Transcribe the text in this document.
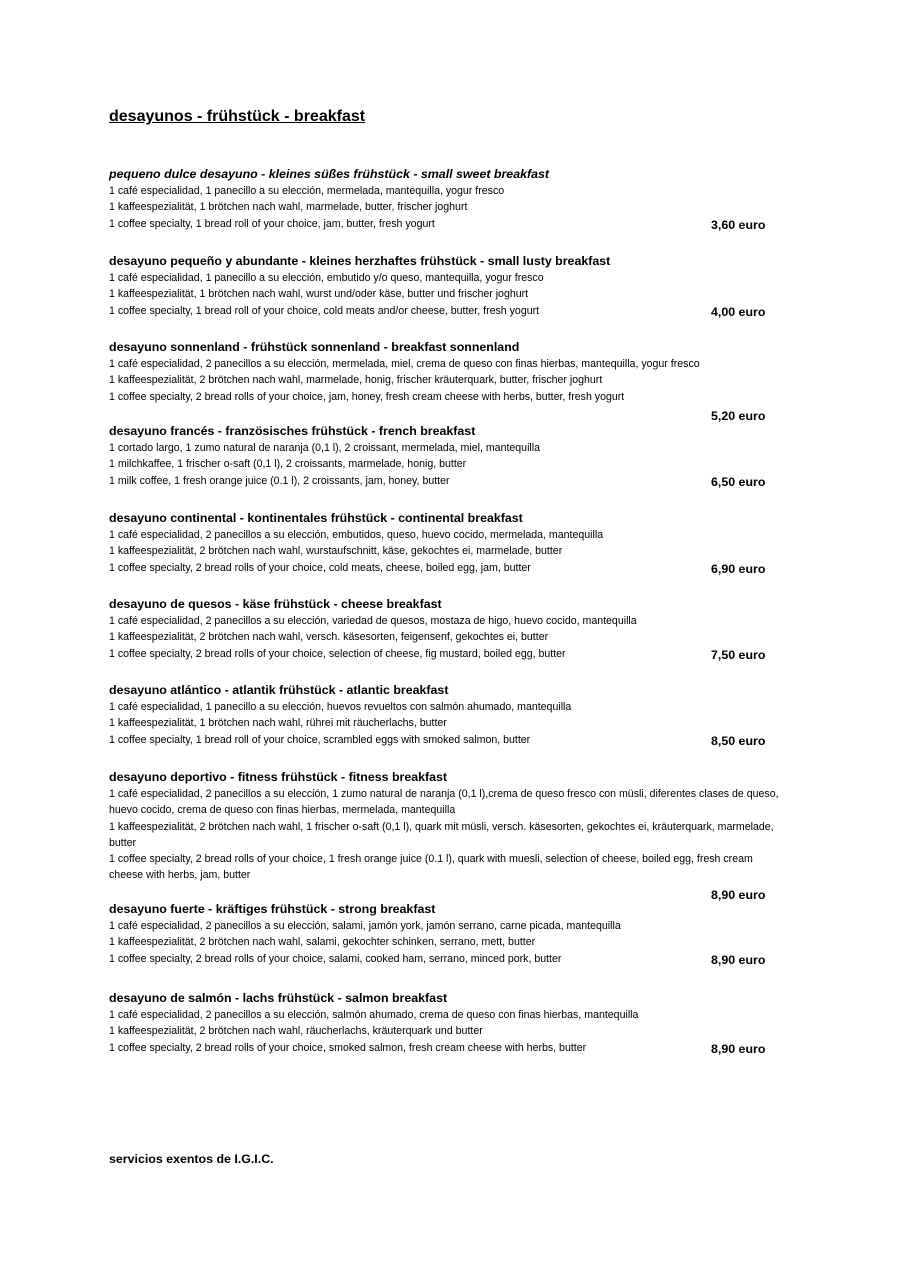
desayunos - frühstück - breakfast
pequeno dulce desayuno - kleines süßes frühstück - small sweet breakfast
1 café especialidad, 1 panecillo a su elección, mermelada, mantequilla, yogur fresco
1 kaffeespezialität, 1 brötchen nach wahl, marmelade, butter, frischer joghurt
1 coffee specialty, 1 bread roll of your choice, jam, butter, fresh yogurt	3,60 euro
desayuno pequeño y abundante - kleines herzhaftes frühstück - small lusty breakfast
1 café especialidad, 1 panecillo a su elección, embutido y/o queso, mantequilla, yogur fresco
1 kaffeespezialität, 1 brötchen nach wahl, wurst und/oder käse, butter und frischer joghurt
1 coffee specialty, 1 bread roll of your choice, cold meats and/or cheese, butter, fresh yogurt	4,00 euro
desayuno sonnenland - frühstück sonnenland - breakfast sonnenland
1 café especialidad, 2 panecillos a su elección, mermelada, miel, crema de queso con finas hierbas, mantequilla, yogur fresco
1 kaffeespezialität, 2 brötchen nach wahl, marmelade, honig, frischer kräuterquark, butter, frischer joghurt
1 coffee specialty, 2 bread rolls of your choice, jam, honey, fresh cream cheese with herbs, butter, fresh yogurt
5,20 euro
desayuno francés - französisches frühstück - french breakfast
1 cortado largo, 1 zumo natural de naranja (0,1 l), 2 croissant, mermelada, miel, mantequilla
1 milchkaffee, 1 frischer o-saft (0,1 l), 2 croissants, marmelade, honig, butter
1 milk coffee, 1 fresh orange juice (0.1 l), 2 croissants, jam, honey, butter	6,50 euro
desayuno continental - kontinentales frühstück - continental breakfast
1 café especialidad, 2 panecillos a su elección, embutidos, queso, huevo cocido, mermelada, mantequilla
1 kaffeespezialität, 2 brötchen nach wahl, wurstaufschnitt, käse, gekochtes ei, marmelade, butter
1 coffee specialty, 2 bread rolls of your choice, cold meats, cheese, boiled egg, jam, butter	6,90 euro
desayuno de quesos - käse frühstück - cheese breakfast
1 café especialidad, 2 panecillos a su elección, variedad de quesos, mostaza de higo, huevo cocido, mantequilla
1 kaffeespezialität, 2 brötchen nach wahl, versch. käsesorten, feigensenf, gekochtes ei, butter
1 coffee specialty, 2 bread rolls of your choice, selection of cheese, fig mustard, boiled egg, butter	7,50 euro
desayuno atlántico - atlantik frühstück - atlantic breakfast
1 café especialidad, 1 panecillo a su elección, huevos revueltos con salmón ahumado, mantequilla
1 kaffeespezialität, 1 brötchen nach wahl, rührei mit räucherlachs, butter
1 coffee specialty, 1 bread roll of your choice, scrambled eggs with smoked salmon, butter	8,50 euro
desayuno deportivo - fitness frühstück - fitness breakfast
1 café especialidad, 2 panecillos a su elección, 1 zumo natural de naranja (0,1 l),crema de queso fresco con müsli, diferentes clases de queso, huevo cocido, crema de queso con finas hierbas, mermelada, mantequilla
1 kaffeespezialität, 2 brötchen nach wahl, 1 frischer o-saft (0,1 l), quark mit müsli, versch. käsesorten, gekochtes ei, kräuterquark, marmelade, butter
1 coffee specialty, 2 bread rolls of your choice, 1 fresh orange juice (0.1 l), quark with muesli, selection of cheese, boiled egg, fresh cream cheese with herbs, jam, butter
8,90 euro
desayuno fuerte - kräftiges frühstück - strong breakfast
1 café especialidad, 2 panecillos a su elección, salami, jamón york, jamón serrano, carne picada, mantequilla
1 kaffeespezialität, 2 brötchen nach wahl, salami, gekochter schinken, serrano, mett, butter
1 coffee specialty, 2 bread rolls of your choice, salami, cooked ham, serrano, minced pork, butter	8,90 euro
desayuno de salmón - lachs frühstück - salmon breakfast
1 café especialidad, 2 panecillos a su elección, salmón ahumado, crema de queso con finas hierbas, mantequilla
1 kaffeespezialität, 2 brötchen nach wahl, räucherlachs, kräuterquark und butter
1 coffee specialty, 2 bread rolls of your choice, smoked salmon, fresh cream cheese with herbs, butter	8,90 euro
servicios exentos de I.G.I.C.
